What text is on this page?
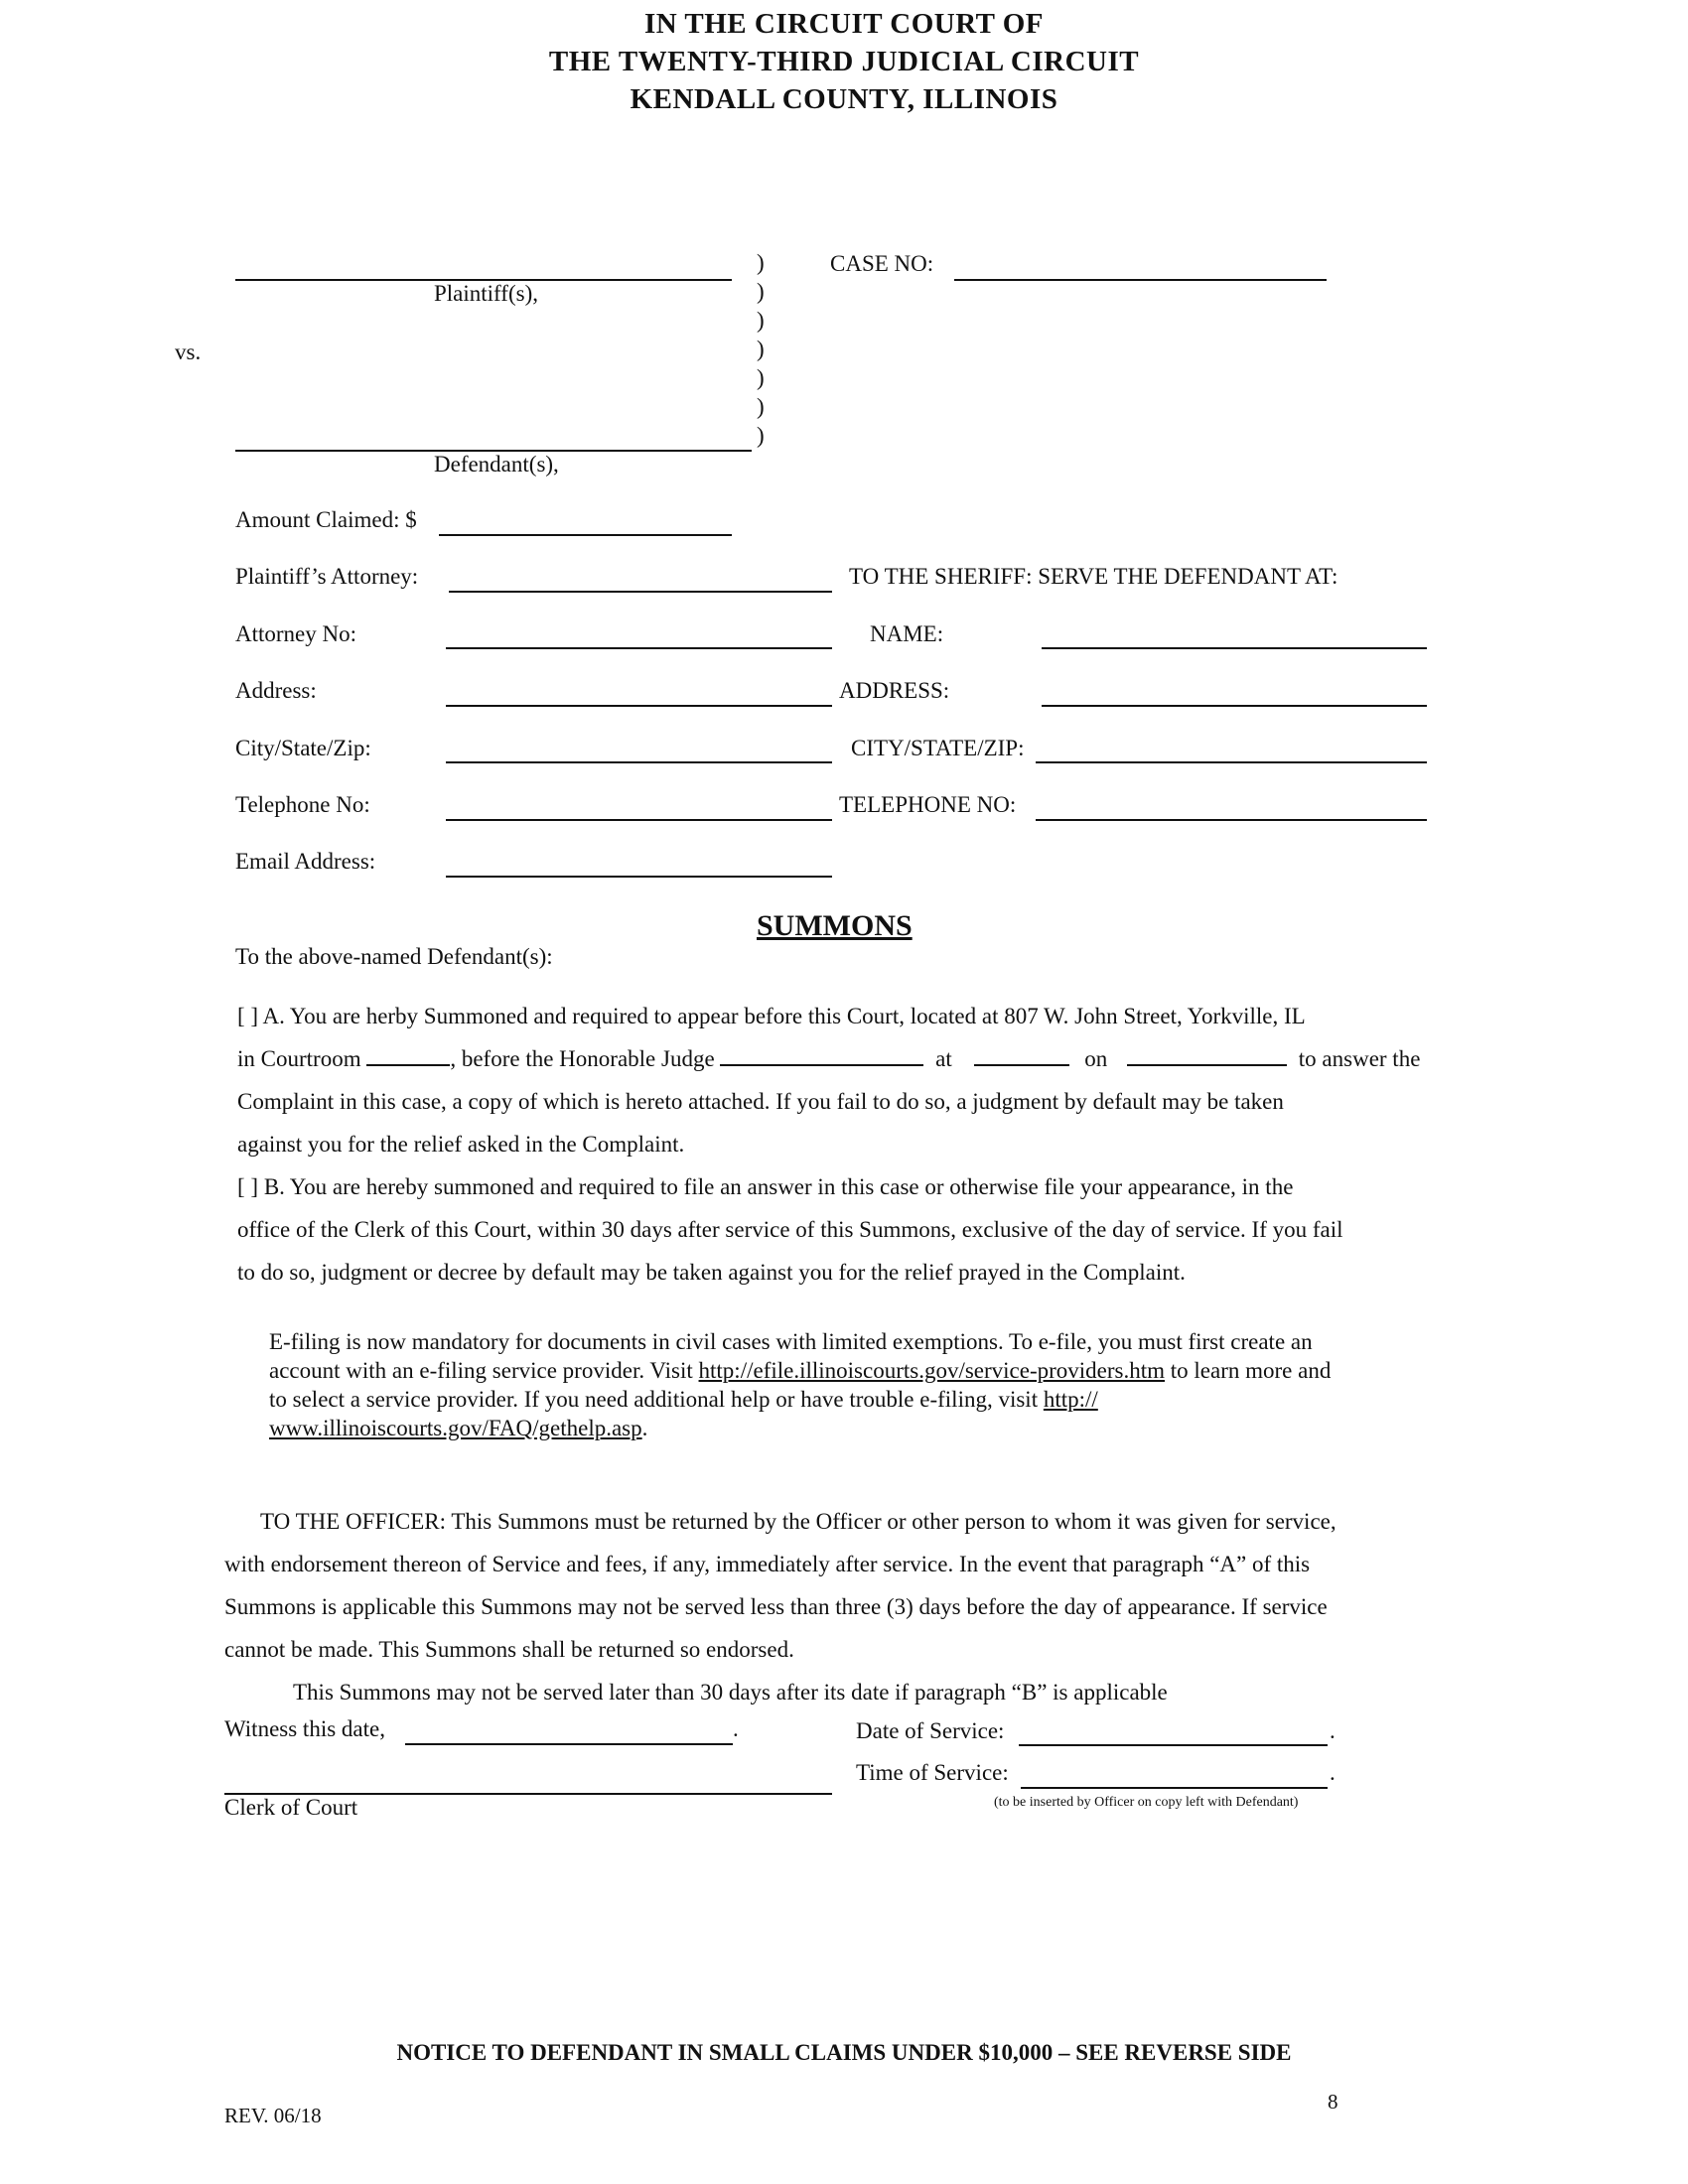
IN THE CIRCUIT COURT OF
THE TWENTY-THIRD JUDICIAL CIRCUIT
KENDALL COUNTY, ILLINOIS
Plaintiff(s),
vs.
Defendant(s),
)
)
)
)
)
)
)
CASE NO:
Amount Claimed: $
Plaintiff’s Attorney:
Attorney No:
Address:
City/State/Zip:
Telephone No:
Email Address:
TO THE SHERIFF: SERVE THE DEFENDANT AT:
NAME:
ADDRESS:
CITY/STATE/ZIP:
TELEPHONE NO:
SUMMONS
To the above-named Defendant(s):
[ ] A. You are herby Summoned and required to appear before this Court, located at 807 W. John Street, Yorkville, IL
in Courtroom	, before the Honorable Judge	at	on	to answer the
Complaint in this case, a copy of which is hereto attached. If you fail to do so, a judgment by default may be taken
against you for the relief asked in the Complaint.
[ ] B. You are hereby summoned and required to file an answer in this case or otherwise file your appearance, in the
office of the Clerk of this Court, within 30 days after service of this Summons, exclusive of the day of service. If you fail
to do so, judgment or decree by default may be taken against you for the relief prayed in the Complaint.
E-filing is now mandatory for documents in civil cases with limited exemptions. To e-file, you must first create an
account with an e-filing service provider. Visit http://efile.illinoiscourts.gov/service-providers.htm to learn more and
to select a service provider. If you need additional help or have trouble e-filing, visit http://
www.illinoiscourts.gov/FAQ/gethelp.asp.
TO THE OFFICER: This Summons must be returned by the Officer or other person to whom it was given for service,
with endorsement thereon of Service and fees, if any, immediately after service. In the event that paragraph “A” of this
Summons is applicable this Summons may not be served less than three (3) days before the day of appearance. If service
cannot be made. This Summons shall be returned so endorsed.
This Summons may not be served later than 30 days after its date if paragraph “B” is applicable
Witness this date,	.	Date of Service:	.
Time of Service:	.
Clerk of Court	(to be inserted by Officer on copy left with Defendant)
NOTICE TO DEFENDANT IN SMALL CLAIMS UNDER $10,000 – SEE REVERSE SIDE
REV. 06/18
8
